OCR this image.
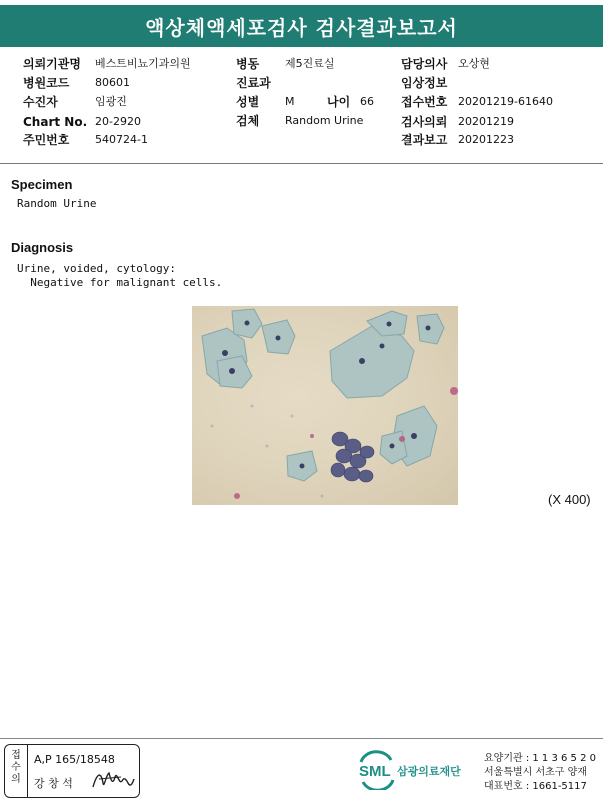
액상체액세포검사 검사결과보고서
의뢰기관명 베스트비뇨기과의원
병원코드 80601
수진자	임광진
Chart No. 20-2920
주민번호 540724-1
병동 제5진료실
진료과
성별 M	나이 66
검체 Random Urine
담당의사 오상현
임상정보
접수번호 20201219-61640
검사의뢰 20201219
결과보고 20201223
Specimen
Random Urine
Diagnosis
Urine, voided, cytology:
Negative for malignant cells.
(X 400)
접
수
의
A,P 165/18548
강 창 석
SML 삼광의료재단
요양기관 : 1 1 3 6 5 2 0
서울특별시 서초구 양재
대표번호 : 1661-5117
